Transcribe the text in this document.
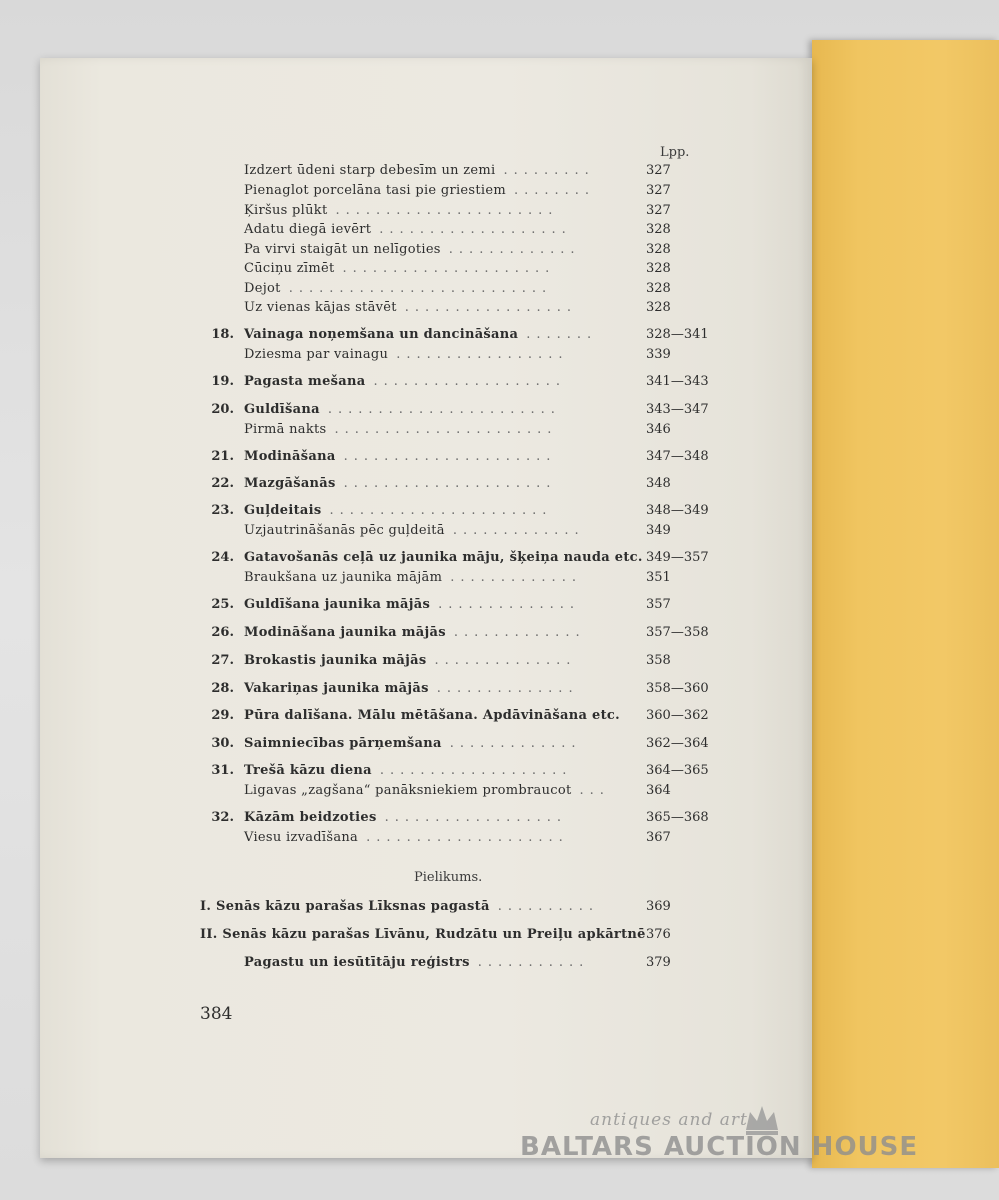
Lpp.
Izdzert ūdeni starp debesīm un zemi .........	327
Pienaglot porcelāna tasi pie griestiem ........	327
Ķiršus plūkt ......................	327
Adatu diegā ievērt ...................	328
Pa virvi staigāt un nelīgoties .............	328
Cūciņu zīmēt .....................	328
Dejot ..........................	328
Uz vienas kājas stāvēt .................	328
18. Vainaga noņemšana un dancināšana .......	328—341
Dziesma par vainagu .................	339
19. Pagasta mešana ...................	341—343
20. Guldīšana .......................	343—347
Pirmā nakts ......................	346
21. Modināšana .....................	347—348
22. Mazgāšanās .....................	348
23. Guļdeitais ......................	348—349
Uzjautrināšanās pēc guļdeitā .............	349
24. Gatavošanās ceļā uz jaunika māju, šķeiņa nauda etc. 349—357
Braukšana uz jaunika mājām .............	351
25. Guldīšana jaunika mājās ..............	357
26. Modināšana jaunika mājās .............	357—358
27. Brokastis jaunika mājās ..............	358
28. Vakariņas jaunika mājās ..............	358—360
29. Pūra dalīšana. Mālu mētāšana. Apdāvināšana etc. 360—362
30. Saimniecības pārņemšana .............	362—364
31. Trešā kāzu diena ...................	364—365
Ligavas „zagšana“ panāksniekiem prombraucot ...	364
32. Kāzām beidzoties ..................	365—368
Viesu izvadīšana ....................	367
I. Senās kāzu parašas Līksnas pagastā ..........	369
II. Senās kāzu parašas Līvānu, Rudzātu un Preiļu apkārtnē 376
Pagastu un iesūtītāju reģistrs ...........	379
Pielikums.
384
antiques and art
BALTARS AUCTION HOUSE
